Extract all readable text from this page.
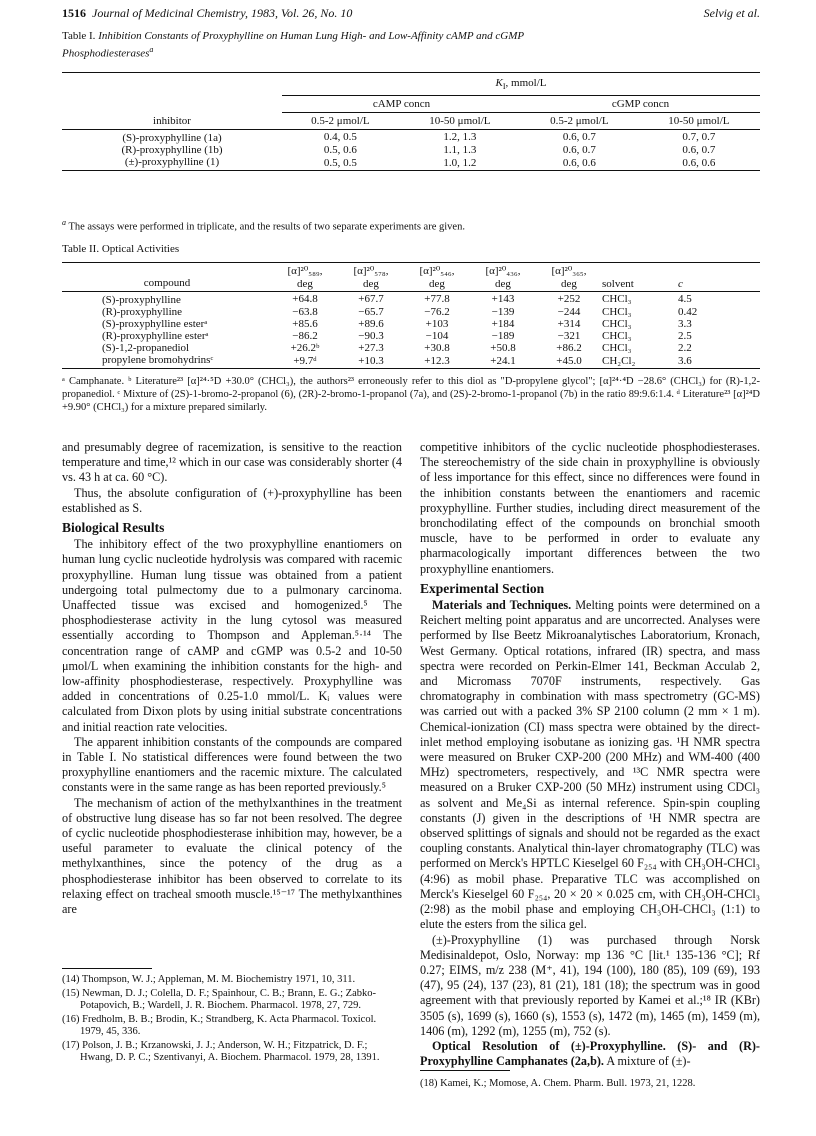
1516 Journal of Medicinal Chemistry, 1983, Vol. 26, No. 10	Selvig et al.
Table I. Inhibition Constants of Proxyphylline on Human Lung High- and Low-Affinity cAMP and cGMP Phosphodiesterases$^a$

	$K_I$, mmol/L			
	cAMP concn		cGMP concn	
inhibitor	0.5-2 μmol/L	10-50 μmol/L	0.5-2 μmol/L	10-50 μmol/L
(S)-proxyphylline (1a)	0.4, 0.5	1.2, 1.3	0.6, 0.7	0.7, 0.7
(R)-proxyphylline (1b)	0.5, 0.6	1.1, 1.3	0.6, 0.7	0.6, 0.7
(±)-proxyphylline (1)	0.5, 0.5	1.0, 1.2	0.6, 0.6	0.6, 0.6
$^a$ The assays were performed in triplicate, and the results of two separate experiments are given.
Table II. Optical Activities

	[α]²⁰₅₈₉,	[α]²⁰₅₇₈,	[α]²⁰₅₄₆,	[α]²⁰₄₃₆,	[α]²⁰₃₆₅,		
compound	deg	deg	deg	deg	deg	solvent	c
(S)-proxyphylline	+64.8	+67.7	+77.8	+143	+252	CHCl₃	4.5
(R)-proxyphylline	−63.8	−65.7	−76.2	−139	−244	CHCl₃	0.42
(S)-proxyphylline esterᵃ	+85.6	+89.6	+103	+184	+314	CHCl₃	3.3
(R)-proxyphylline esterᵃ	−86.2	−90.3	−104	−189	−321	CHCl₃	2.5
(S)-1,2-propanediol	+26.2ᵇ	+27.3	+30.8	+50.8	+86.2	CHCl₃	2.2
propylene bromohydrinsᶜ	+9.7ᵈ	+10.3	+12.3	+24.1	+45.0	CH₂Cl₂	3.6
ᵃ Camphanate. ᵇ Literature²³ [α]²⁴·⁵D +30.0° (CHCl₃), the authors²³ erroneously refer to this diol as "D-propylene glycol"; [α]²⁴·⁴D −28.6° (CHCl₃) for (R)-1,2-propanediol. ᶜ Mixture of (2S)-1-bromo-2-propanol (6), (2R)-2-bromo-1-propanol (7a), and (2S)-2-bromo-1-propanol (7b) in the ratio 89:9.6:1.4. ᵈ Literature²³ [α]²⁴D +9.90° (CHCl₃) for a mixture prepared similarly.

and presumably degree of racemization, is sensitive to the reaction temperature and time,¹² which in our case was considerably shorter (4 vs. 43 h at ca. 60 °C).

Thus, the absolute configuration of (+)-proxyphylline has been established as S.

Biological Results

The inhibitory effect of the two proxyphylline enantiomers on human lung cyclic nucleotide hydrolysis was compared with racemic proxyphylline. Human lung tissue was obtained from a patient undergoing total pulmectomy due to a pulmonary carcinoma. Unaffected tissue was excised and homogenized.⁵ The phosphodiesterase activity in the lung cytosol was measured essentially according to Thompson and Appleman.⁵·¹⁴ The concentration range of cAMP and cGMP was 0.5-2 and 10-50 μmol/L when examining the inhibition constants for the high- and low-affinity phosphodiesterase, respectively. Proxyphylline was added in concentrations of 0.25-1.0 mmol/L. Kᵢ values were calculated from Dixon plots by using initial substrate concentrations and initial reaction rate velocities.

The apparent inhibition constants of the compounds are compared in Table I. No statistical differences were found between the two proxyphylline enantiomers and the racemic mixture. The calculated constants were in the same range as has been reported previously.⁵

The mechanism of action of the methylxanthines in the treatment of obstructive lung disease has so far not been resolved. The degree of cyclic nucleotide phosphodiesterase inhibition may, however, be a useful parameter to evaluate the clinical potency of the methylxanthines, since the potency of the drug as a phosphodiesterase inhibitor has been observed to correlate to its relaxing effect on tracheal smooth muscle.¹⁵⁻¹⁷ The methylxanthines are

(14) Thompson, W. J.; Appleman, M. M. Biochemistry 1971, 10, 311.
(15) Newman, D. J.; Colella, D. F.; Spainhour, C. B.; Brann, E. G.; Zabko-Potapovich, B.; Wardell, J. R. Biochem. Pharmacol. 1978, 27, 729.
(16) Fredholm, B. B.; Brodin, K.; Strandberg, K. Acta Pharmacol. Toxicol. 1979, 45, 336.
(17) Polson, J. B.; Krzanowski, J. J.; Anderson, W. H.; Fitzpatrick, D. F.; Hwang, D. P. C.; Szentivanyi, A. Biochem. Pharmacol. 1979, 28, 1391.

competitive inhibitors of the cyclic nucleotide phosphodiesterases. The stereochemistry of the side chain in proxyphylline is obviously of less importance for this effect, since no differences were found in the inhibition constants between the enantiomers and racemic proxyphylline. Further studies, including direct measurement of the bronchodilating effect of the compounds on bronchial smooth muscle, have to be performed in order to evaluate any pharmacologically important differences between the two proxyphylline enantiomers.

Experimental Section

Materials and Techniques. Melting points were determined on a Reichert melting point apparatus and are uncorrected. Analyses were performed by Ilse Beetz Mikroanalytisches Laboratorium, Kronach, West Germany. Optical rotations, infrared (IR) spectra, and mass spectra were recorded on Perkin-Elmer 141, Beckman Acculab 2, and Micromass 7070F instruments, respectively. Gas chromatography in combination with mass spectrometry (GC-MS) was carried out with a packed 3% SP 2100 column (2 mm × 1 m). Chemical-ionization (CI) mass spectra were obtained by the direct-inlet method employing isobutane as ionizing gas. ¹H NMR spectra were measured on Bruker CXP-200 (200 MHz) and WM-400 (400 MHz) spectrometers, respectively, and ¹³C NMR spectra were measured on a Bruker CXP-200 (50 MHz) instrument using CDCl₃ as solvent and Me₄Si as internal reference. Spin-spin coupling constants (J) given in the descriptions of ¹H NMR spectra are observed splittings of signals and should not be regarded as the exact coupling constants. Analytical thin-layer chromatography (TLC) was performed on Merck's HPTLC Kieselgel 60 F₂₅₄ with CH₃OH-CHCl₃ (4:96) as mobil phase. Preparative TLC was accomplished on Merck's Kieselgel 60 F₂₅₄, 20 × 20 × 0.025 cm, with CH₃OH-CHCl₃ (2:98) as the mobil phase and employing CH₃OH-CHCl₃ (1:1) to elute the esters from the silica gel.

(±)-Proxyphylline (1) was purchased through Norsk Medisinaldepot, Oslo, Norway: mp 136 °C [lit.¹ 135-136 °C]; Rf 0.27; EIMS, m/z 238 (M⁺, 41), 194 (100), 180 (85), 109 (69), 193 (47), 95 (24), 137 (23), 81 (21), 181 (18); the spectrum was in good agreement with that previously reported by Kamei et al.;¹⁸ IR (KBr) 3505 (s), 1699 (s), 1660 (s), 1553 (s), 1472 (m), 1465 (m), 1459 (m), 1406 (m), 1292 (m), 1255 (m), 752 (s).

Optical Resolution of (±)-Proxyphylline. (S)- and (R)-Proxyphylline Camphanates (2a,b). A mixture of (±)-

(18) Kamei, K.; Momose, A. Chem. Pharm. Bull. 1973, 21, 1228.
